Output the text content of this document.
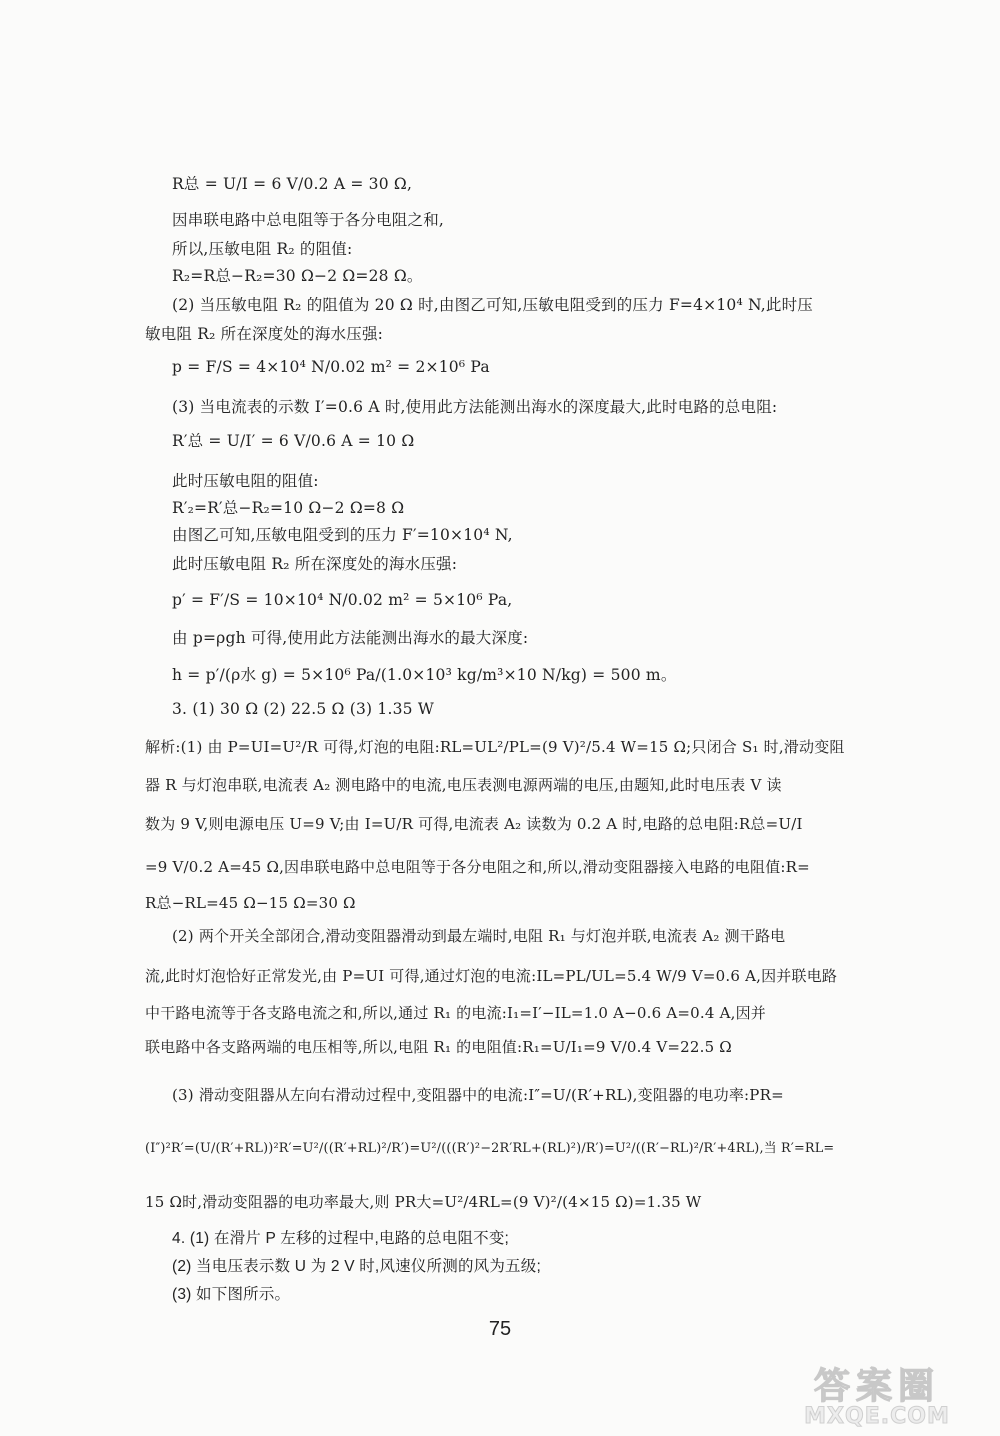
R总 = U/I = 6 V/0.2 A = 30 Ω,
因串联电路中总电阻等于各分电阻之和,
所以,压敏电阻 R₂ 的阻值:
R₂=R总−R₂=30 Ω−2 Ω=28 Ω。
(2) 当压敏电阻 R₂ 的阻值为 20 Ω 时,由图乙可知,压敏电阻受到的压力 F=4×10⁴ N,此时压
敏电阻 R₂ 所在深度处的海水压强:
p = F/S = 4×10⁴ N/0.02 m² = 2×10⁶ Pa
(3) 当电流表的示数 I′=0.6 A 时,使用此方法能测出海水的深度最大,此时电路的总电阻:
R′总 = U/I′ = 6 V/0.6 A = 10 Ω
此时压敏电阻的阻值:
R′₂=R′总−R₂=10 Ω−2 Ω=8 Ω
由图乙可知,压敏电阻受到的压力 F′=10×10⁴ N,
此时压敏电阻 R₂ 所在深度处的海水压强:
p′ = F′/S = 10×10⁴ N/0.02 m² = 5×10⁶ Pa,
由 p=ρgh 可得,使用此方法能测出海水的最大深度:
h = p′/(ρ水 g) = 5×10⁶ Pa/(1.0×10³ kg/m³×10 N/kg) = 500 m。
3. (1) 30 Ω (2) 22.5 Ω (3) 1.35 W
解析:(1) 由 P=UI=U²/R 可得,灯泡的电阻:RL=UL²/PL=(9 V)²/5.4 W=15 Ω;只闭合 S₁ 时,滑动变阻
器 R 与灯泡串联,电流表 A₂ 测电路中的电流,电压表测电源两端的电压,由题知,此时电压表 V 读
数为 9 V,则电源电压 U=9 V;由 I=U/R 可得,电流表 A₂ 读数为 0.2 A 时,电路的总电阻:R总=U/I
=9 V/0.2 A=45 Ω,因串联电路中总电阻等于各分电阻之和,所以,滑动变阻器接入电路的电阻值:R=
R总−RL=45 Ω−15 Ω=30 Ω
(2) 两个开关全部闭合,滑动变阻器滑动到最左端时,电阻 R₁ 与灯泡并联,电流表 A₂ 测干路电
流,此时灯泡恰好正常发光,由 P=UI 可得,通过灯泡的电流:IL=PL/UL=5.4 W/9 V=0.6 A,因并联电路
中干路电流等于各支路电流之和,所以,通过 R₁ 的电流:I₁=I′−IL=1.0 A−0.6 A=0.4 A,因并
联电路中各支路两端的电压相等,所以,电阻 R₁ 的电阻值:R₁=U/I₁=9 V/0.4 V=22.5 Ω
(3) 滑动变阻器从左向右滑动过程中,变阻器中的电流:I″=U/(R′+RL),变阻器的电功率:PR=
(I″)²R′=(U/(R′+RL))²R′=U²/((R′+RL)²/R′)=U²/(((R′)²−2R′RL+(RL)²)/R′)=U²/((R′−RL)²/R′+4RL),当 R′=RL=
15 Ω时,滑动变阻器的电功率最大,则 PR大=U²/4RL=(9 V)²/(4×15 Ω)=1.35 W
4. (1) 在滑片 P 左移的过程中,电路的总电阻不变;
(2) 当电压表示数 U 为 2 V 时,风速仪所测的风为五级;
(3) 如下图所示。
75
答案圈
MXQE.COM
